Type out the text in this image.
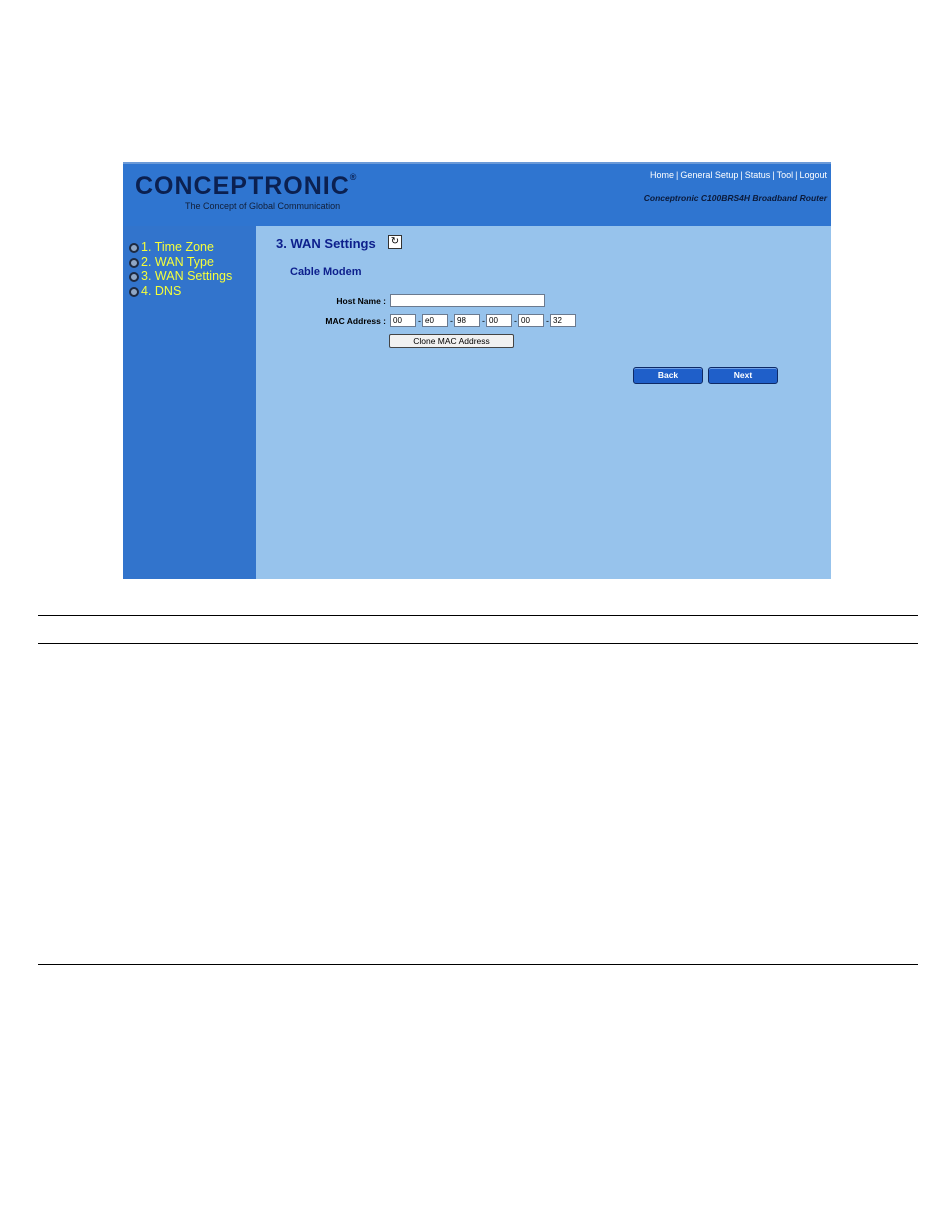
CONCEPTRONIC®
The Concept of Global Communication
Home | General Setup | Status | Tool | Logout
Conceptronic C100BRS4H Broadband Router
1. Time Zone
2. WAN Type
3. WAN Settings
4. DNS
3. WAN Settings ↻
Cable Modem
Host Name :
MAC Address : 00	- e0	- 98	- 00	- 00	- 32
Clone MAC Address
Back	Next
